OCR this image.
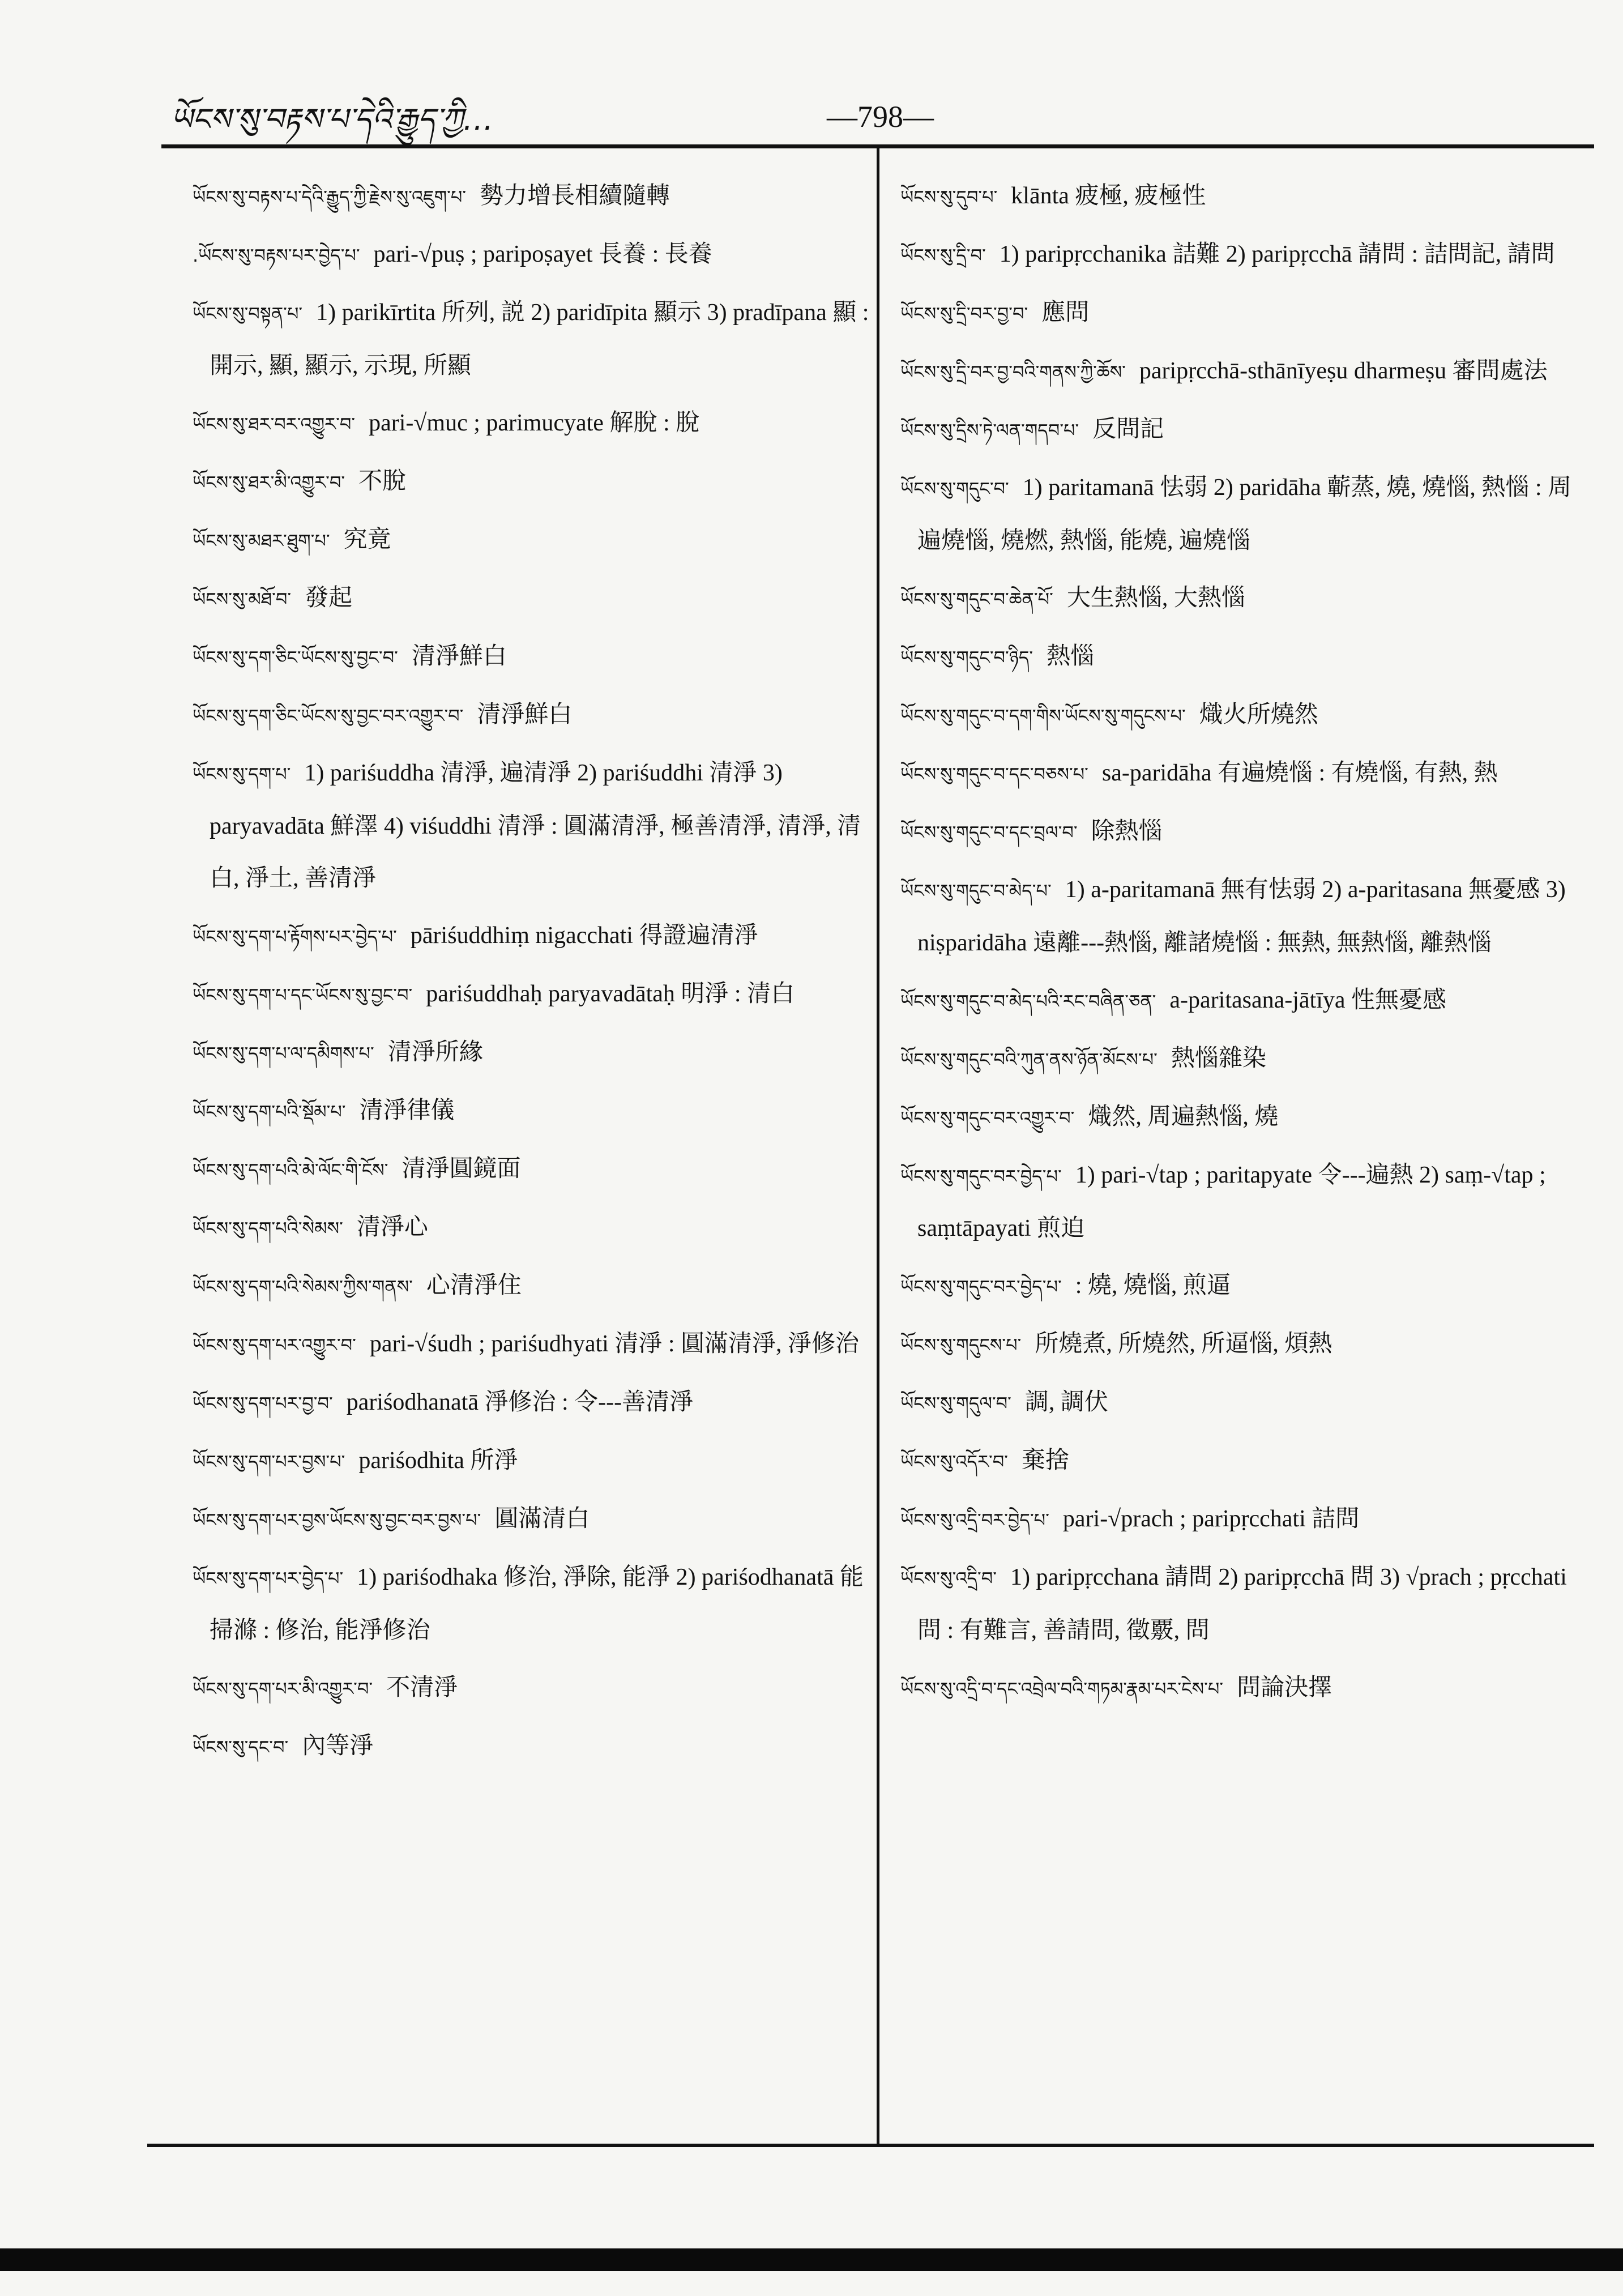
ཡོངས་སུ་བརྟས་པ་དེའི་རྒྱུད་ཀྱི…	—798—
ཡོངས་སུ་བརྟས་པ་དེའི་རྒྱུད་ཀྱི་རྗེས་སུ་འཇུག་པ་ 勢力增長相續隨轉
.ཡོངས་སུ་བརྟས་པར་བྱེད་པ་ pari-√puṣ ; paripoṣayet 長養 : 長養
ཡོངས་སུ་བསྟན་པ་ 1) parikīrtita 所列, 説 2) paridīpita 顯示 3) pradīpana 顯 : 開示, 顯, 顯示, 示現, 所顯
ཡོངས་སུ་ཐར་བར་འགྱུར་བ་ pari-√muc ; parimucyate 解脫 : 脫
ཡོངས་སུ་ཐར་མི་འགྱུར་བ་ 不脫
ཡོངས་སུ་མཐར་ཐུག་པ་ 究竟
ཡོངས་སུ་མཐོ་བ་ 發起
ཡོངས་སུ་དག་ཅིང་ཡོངས་སུ་བྱང་བ་ 清淨鮮白
ཡོངས་སུ་དག་ཅིང་ཡོངས་སུ་བྱང་བར་འགྱུར་བ་ 清淨鮮白
ཡོངས་སུ་དག་པ་ 1) pariśuddha 清淨, 遍清淨 2) pariśuddhi 清淨 3) paryavadāta 鮮澤 4) viśuddhi 清淨 : 圓滿清淨, 極善清淨, 清淨, 清白, 淨土, 善清淨
ཡོངས་སུ་དག་པ་རྟོགས་པར་བྱེད་པ་ pāriśuddhiṃ nigacchati 得證遍清淨
ཡོངས་སུ་དག་པ་དང་ཡོངས་སུ་བྱང་བ་ pariśuddhaḥ paryavadātaḥ 明淨 : 清白
ཡོངས་སུ་དག་པ་ལ་དམིགས་པ་ 清淨所緣
ཡོངས་སུ་དག་པའི་སྡོམ་པ་ 清淨律儀
ཡོངས་སུ་དག་པའི་མེ་ལོང་གི་ངོས་ 清淨圓鏡面
ཡོངས་སུ་དག་པའི་སེམས་ 清淨心
ཡོངས་སུ་དག་པའི་སེམས་ཀྱིས་གནས་ 心清淨住
ཡོངས་སུ་དག་པར་འགྱུར་བ་ pari-√śudh ; pariśudhyati 清淨 : 圓滿清淨, 淨修治
ཡོངས་སུ་དག་པར་བྱ་བ་ pariśodhanatā 淨修治 : 令---善清淨
ཡོངས་སུ་དག་པར་བྱས་པ་ pariśodhita 所淨
ཡོངས་སུ་དག་པར་བྱས་ཡོངས་སུ་བྱང་བར་བྱས་པ་ 圓滿清白
ཡོངས་སུ་དག་པར་བྱེད་པ་ 1) pariśodhaka 修治, 淨除, 能淨 2) pariśodhanatā 能掃滌 : 修治, 能淨修治
ཡོངས་སུ་དག་པར་མི་འགྱུར་བ་ 不清淨
ཡོངས་སུ་དང་བ་ 內等淨
ཡོངས་སུ་དུབ་པ་ klānta 疲極, 疲極性
ཡོངས་སུ་དྲི་བ་ 1) paripṛcchanika 詰難 2) paripṛcchā 請問 : 詰問記, 請問
ཡོངས་སུ་དྲི་བར་བྱ་བ་ 應問
ཡོངས་སུ་དྲི་བར་བྱ་བའི་གནས་ཀྱི་ཆོས་ paripṛcchā-sthānīyeṣu dharmeṣu 審問處法
ཡོངས་སུ་དྲིས་ཏེ་ལན་གདབ་པ་ 反問記
ཡོངས་སུ་གདུང་བ་ 1) paritamanā 怯弱 2) paridāha 蘄蒸, 燒, 燒惱, 熱惱 : 周遍燒惱, 燒燃, 熱惱, 能燒, 遍燒惱
ཡོངས་སུ་གདུང་བ་ཆེན་པོ་ 大生熱惱, 大熱惱
ཡོངས་སུ་གདུང་བ་ཉིད་ 熱惱
ཡོངས་སུ་གདུང་བ་དག་གིས་ཡོངས་སུ་གདུངས་པ་ 熾火所燒然
ཡོངས་སུ་གདུང་བ་དང་བཅས་པ་ sa-paridāha 有遍燒惱 : 有燒惱, 有熱, 熱
ཡོངས་སུ་གདུང་བ་དང་བྲལ་བ་ 除熱惱
ཡོངས་སུ་གདུང་བ་མེད་པ་ 1) a-paritamanā 無有怯弱 2) a-paritasana 無憂感 3) niṣparidāha 遠離---熱惱, 離諸燒惱 : 無熱, 無熱惱, 離熱惱
ཡོངས་སུ་གདུང་བ་མེད་པའི་རང་བཞིན་ཅན་ a-paritasana-jātīya 性無憂感
ཡོངས་སུ་གདུང་བའི་ཀུན་ནས་ཉོན་མོངས་པ་ 熱惱雜染
ཡོངས་སུ་གདུང་བར་འགྱུར་བ་ 熾然, 周遍熱惱, 燒
ཡོངས་སུ་གདུང་བར་བྱེད་པ་ 1) pari-√tap ; paritapyate 令---遍熱 2) saṃ-√tap ; saṃtāpayati 煎迫
ཡོངས་སུ་གདུང་བར་བྱེད་པ་ : 燒, 燒惱, 煎逼
ཡོངས་སུ་གདུངས་པ་ 所燒煮, 所燒然, 所逼惱, 煩熱
ཡོངས་སུ་གདུལ་བ་ 調, 調伏
ཡོངས་སུ་འདོར་བ་ 棄捨
ཡོངས་སུ་འདྲི་བར་བྱེད་པ་ pari-√prach ; paripṛcchati 詰問
ཡོངས་སུ་འདྲི་བ་ 1) paripṛcchana 請問 2) paripṛcchā 問 3) √prach ; pṛcchati 問 : 有難言, 善請問, 徵覈, 問
ཡོངས་སུ་འདྲི་བ་དང་འབྲེལ་བའི་གཏམ་རྣམ་པར་ངེས་པ་ 問論決擇
